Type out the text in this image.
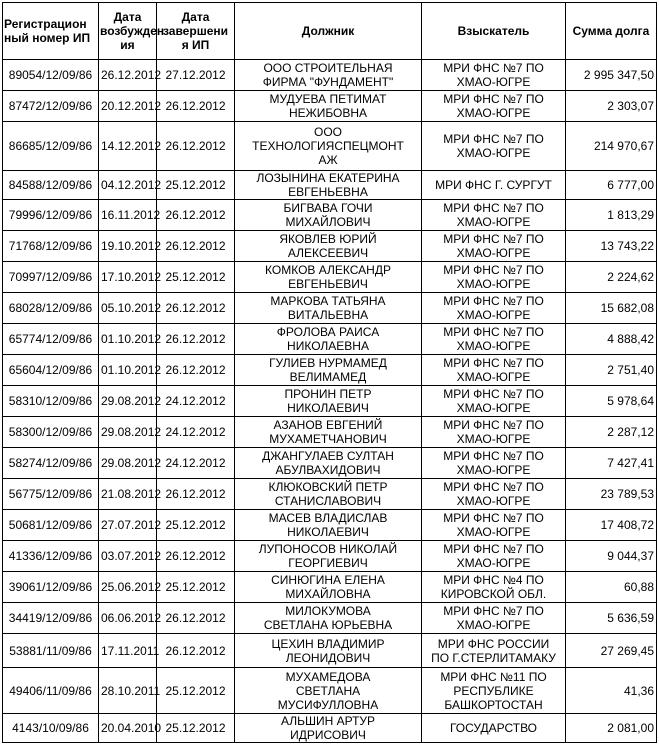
Регистрацион
ный номер ИП	Дата
возбужден
ия	Дата
завершени
я ИП	Должник	Взыскатель	Сумма долга

89054/12/09/86	26.12.2012	27.12.2012	ООО СТРОИТЕЛЬНАЯ
ФИРМА "ФУНДАМЕНТ"	МРИ ФНС №7 ПО
ХМАО-ЮГРЕ	2 995 347,50
87472/12/09/86	20.12.2012	26.12.2012	МУДУЕВА ПЕТИМАТ
НЕЖИБОВНА	МРИ ФНС №7 ПО
ХМАО-ЮГРЕ	2 303,07
86685/12/09/86	14.12.2012	26.12.2012	ООО
ТЕХНОЛОГИЯСПЕЦМОНТ
АЖ	МРИ ФНС №7 ПО
ХМАО-ЮГРЕ	214 970,67
84588/12/09/86	04.12.2012	25.12.2012	ЛОЗЫНИНА ЕКАТЕРИНА
ЕВГЕНЬЕВНА	МРИ ФНС Г. СУРГУТ	6 777,00
79996/12/09/86	16.11.2012	26.12.2012	БИГВАВА ГОЧИ
МИХАЙЛОВИЧ	МРИ ФНС №7 ПО
ХМАО-ЮГРЕ	1 813,29
71768/12/09/86	19.10.2012	26.12.2012	ЯКОВЛЕВ ЮРИЙ
АЛЕКСЕЕВИЧ	МРИ ФНС №7 ПО
ХМАО-ЮГРЕ	13 743,22
70997/12/09/86	17.10.2012	25.12.2012	КОМКОВ АЛЕКСАНДР
ЕВГЕНЬЕВИЧ	МРИ ФНС №7 ПО
ХМАО-ЮГРЕ	2 224,62
68028/12/09/86	05.10.2012	26.12.2012	МАРКОВА ТАТЬЯНА
ВИТАЛЬЕВНА	МРИ ФНС №7 ПО
ХМАО-ЮГРЕ	15 682,08
65774/12/09/86	01.10.2012	26.12.2012	ФРОЛОВА РАИСА
НИКОЛАЕВНА	МРИ ФНС №7 ПО
ХМАО-ЮГРЕ	4 888,42
65604/12/09/86	01.10.2012	26.12.2012	ГУЛИЕВ НУРМАМЕД
ВЕЛИМАМЕД	МРИ ФНС №7 ПО
ХМАО-ЮГРЕ	2 751,40
58310/12/09/86	29.08.2012	24.12.2012	ПРОНИН ПЕТР
НИКОЛАЕВИЧ	МРИ ФНС №7 ПО
ХМАО-ЮГРЕ	5 978,64
58300/12/09/86	29.08.2012	24.12.2012	АЗАНОВ ЕВГЕНИЙ
МУХАМЕТЧАНОВИЧ	МРИ ФНС №7 ПО
ХМАО-ЮГРЕ	2 287,12
58274/12/09/86	29.08.2012	24.12.2012	ДЖАНГУЛАЕВ СУЛТАН
АБУЛВАХИДОВИЧ	МРИ ФНС №7 ПО
ХМАО-ЮГРЕ	7 427,41
56775/12/09/86	21.08.2012	26.12.2012	КЛЮКОВСКИЙ ПЕТР
СТАНИСЛАВОВИЧ	МРИ ФНС №7 ПО
ХМАО-ЮГРЕ	23 789,53
50681/12/09/86	27.07.2012	25.12.2012	МАСЕВ ВЛАДИСЛАВ
НИКОЛАЕВИЧ	МРИ ФНС №7 ПО
ХМАО-ЮГРЕ	17 408,72
41336/12/09/86	03.07.2012	26.12.2012	ЛУПОНОСОВ НИКОЛАЙ
ГЕОРГИЕВИЧ	МРИ ФНС №7 ПО
ХМАО-ЮГРЕ	9 044,37
39061/12/09/86	25.06.2012	25.12.2012	СИНЮГИНА ЕЛЕНА
МИХАЙЛОВНА	МРИ ФНС №4 ПО
КИРОВСКОЙ ОБЛ.	60,88
34419/12/09/86	06.06.2012	26.12.2012	МИЛОКУМОВА
СВЕТЛАНА ЮРЬЕВНА	МРИ ФНС №7 ПО
ХМАО-ЮГРЕ	5 636,59
53881/11/09/86	17.11.2011	26.12.2012	ЦЕХИН ВЛАДИМИР
ЛЕОНИДОВИЧ	МРИ ФНС РОССИИ
ПО Г.СТЕРЛИТАМАКУ	27 269,45
49406/11/09/86	28.10.2011	25.12.2012	МУХАМЕДОВА
СВЕТЛАНА
МУСИФУЛЛОВНА	МРИ ФНС №11 ПО
РЕСПУБЛИКЕ
БАШКОРТОСТАН	41,36
4143/10/09/86	20.04.2010	25.12.2012	АЛЬШИН АРТУР
ИДРИСОВИЧ	ГОСУДАРСТВО	2 081,00
